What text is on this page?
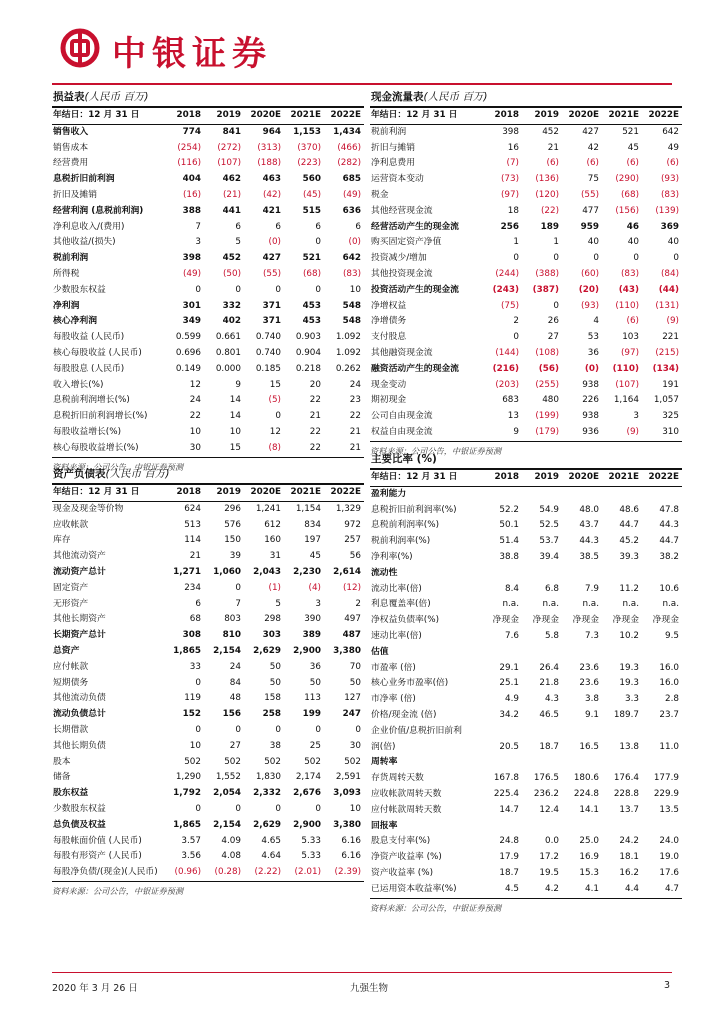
中银证券
损益表(人民币 百万)
年结日：12 月 31 日	2018	2019	2020E	2021E	2022E
销售收入	774	841	964	1,153	1,434
销售成本	(254)	(272)	(313)	(370)	(466)
经营费用	(116)	(107)	(188)	(223)	(282)
息税折旧前利润	404	462	463	560	685
折旧及摊销	(16)	(21)	(42)	(45)	(49)
经营利润 (息税前利润)	388	441	421	515	636
净利息收入/(费用)	7	6	6	6	6
其他收益/(损失)	3	5	(0)	0	(0)
税前利润	398	452	427	521	642
所得税	(49)	(50)	(55)	(68)	(83)
少数股东权益	0	0	0	0	10
净利润	301	332	371	453	548
核心净利润	349	402	371	453	548
每股收益 (人民币)	0.599	0.661	0.740	0.903	1.092
核心每股收益 (人民币)	0.696	0.801	0.740	0.904	1.092
每股股息 (人民币)	0.149	0.000	0.185	0.218	0.262
收入增长(%)	12	9	15	20	24
息税前利润增长(%)	24	14	(5)	22	23
息税折旧前利润增长(%)	22	14	0	21	22
每股收益增长(%)	10	10	12	22	21
核心每股收益增长(%)	30	15	(8)	22	21
资料来源：公司公告，中银证券预测
资产负债表(人民币 百万)
年结日：12 月 31 日	2018	2019	2020E	2021E	2022E
现金及现金等价物	624	296	1,241	1,154	1,329
应收帐款	513	576	612	834	972
库存	114	150	160	197	257
其他流动资产	21	39	31	45	56
流动资产总计	1,271	1,060	2,043	2,230	2,614
固定资产	234	0	(1)	(4)	(12)
无形资产	6	7	5	3	2
其他长期资产	68	803	298	390	497
长期资产总计	308	810	303	389	487
总资产	1,865	2,154	2,629	2,900	3,380
应付帐款	33	24	50	36	70
短期债务	0	84	50	50	50
其他流动负债	119	48	158	113	127
流动负债总计	152	156	258	199	247
长期借款	0	0	0	0	0
其他长期负债	10	27	38	25	30
股本	502	502	502	502	502
储备	1,290	1,552	1,830	2,174	2,591
股东权益	1,792	2,054	2,332	2,676	3,093
少数股东权益	0	0	0	0	10
总负债及权益	1,865	2,154	2,629	2,900	3,380
每股帐面价值 (人民币)	3.57	4.09	4.65	5.33	6.16
每股有形资产 (人民币)	3.56	4.08	4.64	5.33	6.16
每股净负债/(现金)(人民币)	(0.96)	(0.28)	(2.22)	(2.01)	(2.39)
资料来源：公司公告，中银证券预测
现金流量表(人民币 百万)
年结日：12 月 31 日	2018	2019	2020E	2021E	2022E
税前利润	398	452	427	521	642
折旧与摊销	16	21	42	45	49
净利息费用	(7)	(6)	(6)	(6)	(6)
运营资本变动	(73)	(136)	75	(290)	(93)
税金	(97)	(120)	(55)	(68)	(83)
其他经营现金流	18	(22)	477	(156)	(139)
经营活动产生的现金流	256	189	959	46	369
购买固定资产净值	1	1	40	40	40
投资减少/增加	0	0	0	0	0
其他投资现金流	(244)	(388)	(60)	(83)	(84)
投资活动产生的现金流	(243)	(387)	(20)	(43)	(44)
净增权益	(75)	0	(93)	(110)	(131)
净增债务	2	26	4	(6)	(9)
支付股息	0	27	53	103	221
其他融资现金流	(144)	(108)	36	(97)	(215)
融资活动产生的现金流	(216)	(56)	(0)	(110)	(134)
现金变动	(203)	(255)	938	(107)	191
期初现金	683	480	226	1,164	1,057
公司自由现金流	13	(199)	938	3	325
权益自由现金流	9	(179)	936	(9)	310
资料来源：公司公告，中银证券预测
主要比率 (%)
年结日：12 月 31 日	2018	2019	2020E	2021E	2022E
盈利能力					
息税折旧前利润率(%)	52.2	54.9	48.0	48.6	47.8
息税前利润率(%)	50.1	52.5	43.7	44.7	44.3
税前利润率(%)	51.4	53.7	44.3	45.2	44.7
净利率(%)	38.8	39.4	38.5	39.3	38.2
流动性					
流动比率(倍)	8.4	6.8	7.9	11.2	10.6
利息覆盖率(倍)	n.a.	n.a.	n.a.	n.a.	n.a.
净权益负债率(%)	净现金	净现金	净现金	净现金	净现金
速动比率(倍)	7.6	5.8	7.3	10.2	9.5
估值					
市盈率 (倍)	29.1	26.4	23.6	19.3	16.0
核心业务市盈率(倍)	25.1	21.8	23.6	19.3	16.0
市净率 (倍)	4.9	4.3	3.8	3.3	2.8
价格/现金流 (倍)	34.2	46.5	9.1	189.7	23.7
企业价值/息税折旧前利					
润(倍)	20.5	18.7	16.5	13.8	11.0
周转率					
存货周转天数	167.8	176.5	180.6	176.4	177.9
应收帐款周转天数	225.4	236.2	224.8	228.8	229.9
应付帐款周转天数	14.7	12.4	14.1	13.7	13.5
回报率					
股息支付率(%)	24.8	0.0	25.0	24.2	24.0
净资产收益率 (%)	17.9	17.2	16.9	18.1	19.0
资产收益率 (%)	18.7	19.5	15.3	16.2	17.6
已运用资本收益率(%)	4.5	4.2	4.1	4.4	4.7
资料来源：公司公告，中银证券预测
2020 年 3 月 26 日	九强生物	3
